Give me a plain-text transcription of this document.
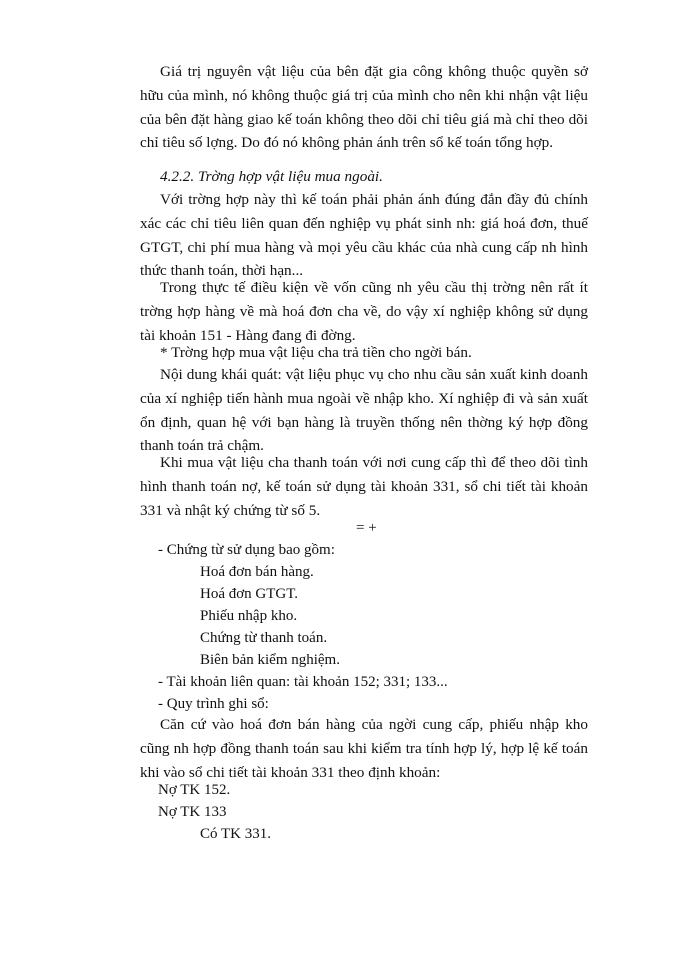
Giá trị nguyên vật liệu của bên đặt gia công không thuộc quyền sở hữu của mình, nó không thuộc giá trị của mình cho nên khi nhận vật liệu của bên đặt hàng giao kế toán không theo dõi chỉ tiêu giá mà chỉ theo dõi chỉ tiêu số lợng. Do đó nó không phản ánh trên sổ kế toán tổng hợp.

4.2.2. Trờng hợp vật liệu mua ngoài.

Với trờng hợp này thì kế toán phải phản ánh đúng đắn đầy đủ chính xác các chỉ tiêu liên quan đến nghiệp vụ phát sinh nh: giá hoá đơn, thuế GTGT, chi phí mua hàng và mọi yêu cầu khác của nhà cung cấp nh hình thức thanh toán, thời hạn...

Trong thực tế điều kiện về vốn cũng nh yêu cầu thị trờng nên rất ít trờng hợp hàng về mà hoá đơn cha về, do vậy xí nghiệp không sử dụng tài khoản 151 - Hàng đang đi đờng.

* Trờng hợp mua vật liệu cha trả tiền cho ngời bán.

Nội dung khái quát: vật liệu phục vụ cho nhu cầu sản xuất kinh doanh của xí nghiệp tiến hành mua ngoài về nhập kho. Xí nghiệp đi và sản xuất ổn định, quan hệ với bạn hàng là truyền thống nên thờng ký hợp đồng thanh toán trả chậm.

Khi mua vật liệu cha thanh toán với nơi cung cấp thì để theo dõi tình hình thanh toán nợ, kế toán sử dụng tài khoản 331, sổ chi tiết tài khoản 331 và nhật ký chứng từ số 5.

= +
- Chứng từ sử dụng bao gồm:
Hoá đơn bán hàng.
Hoá đơn GTGT.
Phiếu nhập kho.
Chứng từ thanh toán.
Biên bản kiểm nghiệm.
- Tài khoản liên quan: tài khoản 152; 331; 133...
- Quy trình ghi sổ:

Căn cứ vào hoá đơn bán hàng của ngời cung cấp, phiếu nhập kho cũng nh hợp đồng thanh toán sau khi kiểm tra tính hợp lý, hợp lệ kế toán khi vào sổ chi tiết tài khoản 331 theo định khoản:

Nợ TK 152.
Nợ TK 133
Có TK 331.
